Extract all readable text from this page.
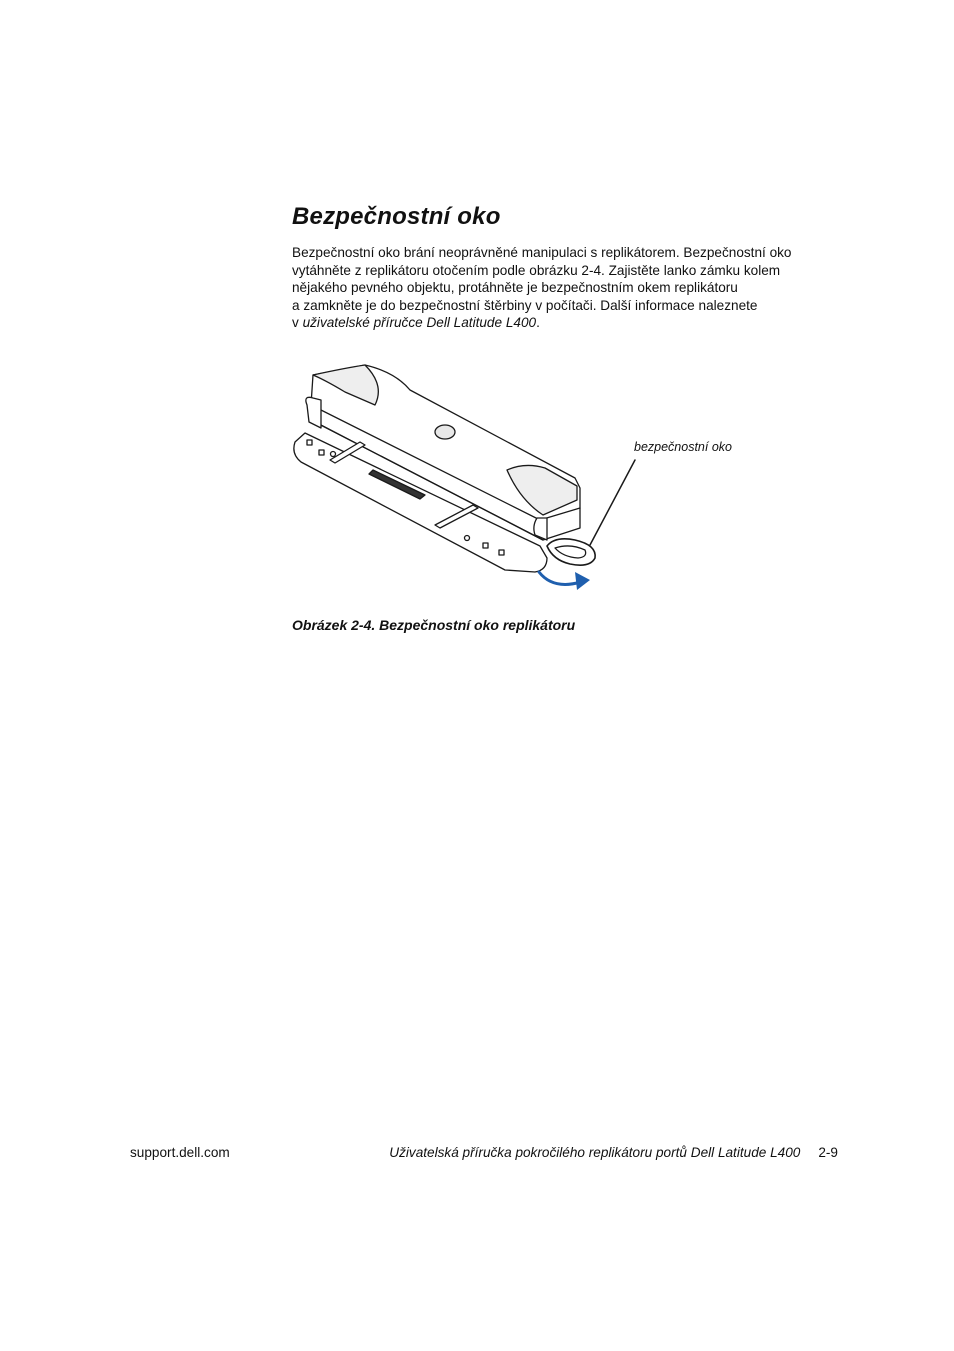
Bezpečnostní oko

Bezpečnostní oko brání neoprávněné manipulaci s replikátorem. Bezpečnostní oko
vytáhněte z replikátoru otočením podle obrázku 2-4. Zajistěte lanko zámku kolem
nějakého pevného objektu, protáhněte je bezpečnostním okem replikátoru
a zamkněte je do bezpečnostní štěrbiny v počítači. Další informace naleznete
v uživatelské příručce Dell Latitude L400.

bezpečnostní oko

Obrázek 2-4. Bezpečnostní oko replikátoru

support.dell.com	Uživatelská příručka pokročilého replikátoru portů Dell Latitude L400 2-9
